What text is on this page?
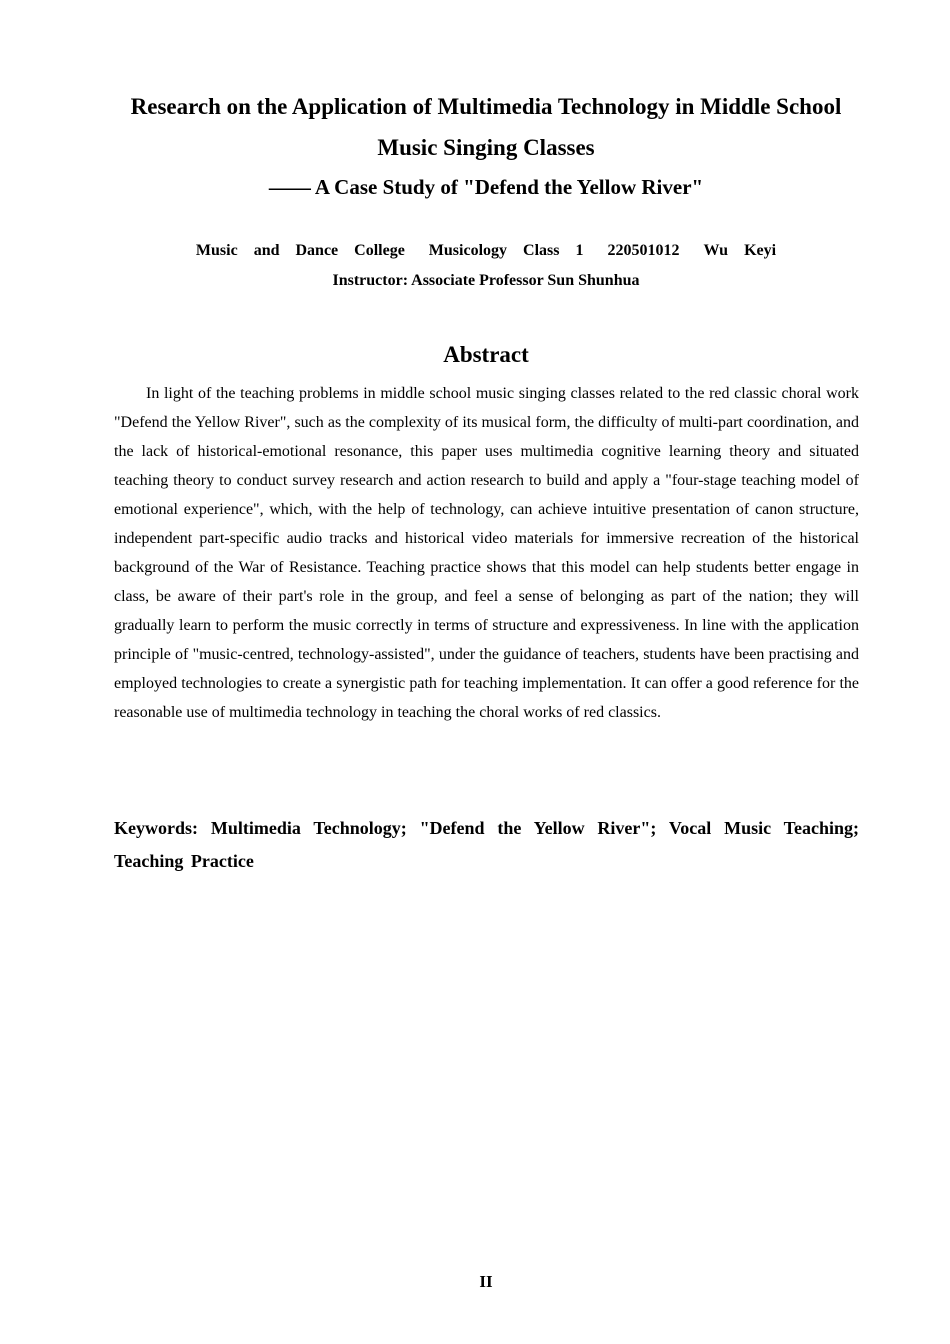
Research on the Application of Multimedia Technology in Middle School
Music Singing Classes
—— A Case Study of "Defend the Yellow River"
Music  and  Dance  College Musicology  Class  1 220501012 Wu  Keyi
Instructor: Associate Professor Sun Shunhua
Abstract

In light of the teaching problems in middle school music singing classes related to the red classic choral work "Defend the Yellow River", such as the complexity of its musical form, the difficulty of multi-part coordination, and the lack of historical-emotional resonance, this paper uses multimedia cognitive learning theory and situated teaching theory to conduct survey research and action research to build and apply a "four-stage teaching model of emotional experience", which, with the help of technology, can achieve intuitive presentation of canon structure, independent part-specific audio tracks and historical video materials for immersive recreation of the historical background of the War of Resistance. Teaching practice shows that this model can help students better engage in class, be aware of their part's role in the group, and feel a sense of belonging as part of the nation; they will gradually learn to perform the music correctly in terms of structure and expressiveness. In line with the application principle of "music-centred, technology-assisted", under the guidance of teachers, students have been practising and employed technologies to create a synergistic path for teaching implementation. It can offer a good reference for the reasonable use of multimedia technology in teaching the choral works of red classics.

Keywords: Multimedia Technology; "Defend the Yellow River"; Vocal Music Teaching; Teaching Practice

II
